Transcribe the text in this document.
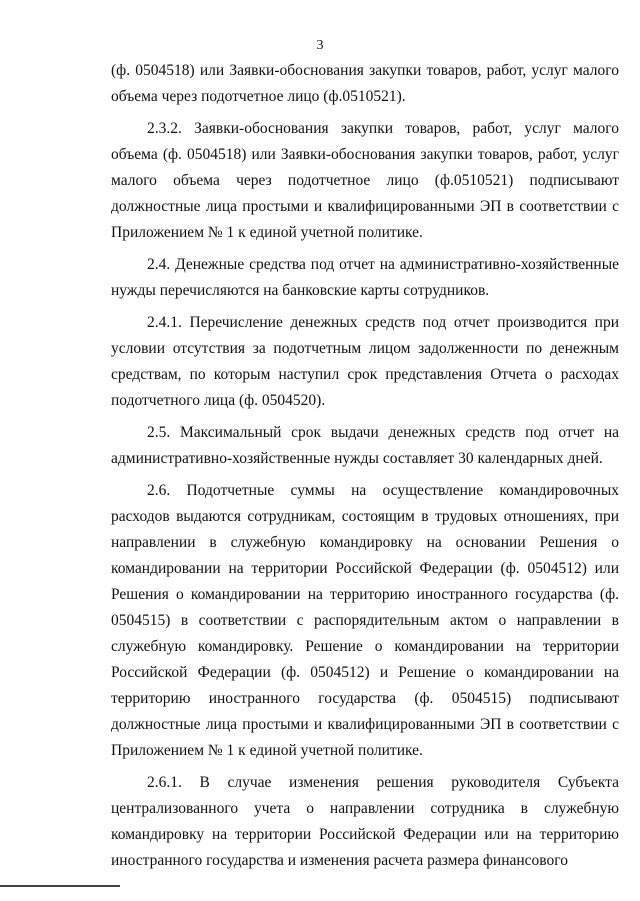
3

(ф. 0504518) или Заявки-обоснования закупки товаров, работ, услуг малого объема через подотчетное лицо (ф.0510521).

2.3.2. Заявки-обоснования закупки товаров, работ, услуг малого объема (ф. 0504518) или Заявки-обоснования закупки товаров, работ, услуг малого объема через подотчетное лицо (ф.0510521) подписывают должностные лица простыми и квалифицированными ЭП в соответствии с Приложением № 1 к единой учетной политике.

2.4. Денежные средства под отчет на административно-хозяйственные нужды перечисляются на банковские карты сотрудников.

2.4.1. Перечисление денежных средств под отчет производится при условии отсутствия за подотчетным лицом задолженности по денежным средствам, по которым наступил срок представления Отчета о расходах подотчетного лица (ф. 0504520).

2.5. Максимальный срок выдачи денежных средств под отчет на административно-хозяйственные нужды составляет 30 календарных дней.

2.6. Подотчетные суммы на осуществление командировочных расходов выдаются сотрудникам, состоящим в трудовых отношениях, при направлении в служебную командировку на основании Решения о командировании на территории Российской Федерации (ф. 0504512) или Решения о командировании на территорию иностранного государства (ф. 0504515) в соответствии с распорядительным актом о направлении в служебную командировку. Решение о командировании на территории Российской Федерации (ф. 0504512) и Решение о командировании на территорию иностранного государства (ф. 0504515) подписывают должностные лица простыми и квалифицированными ЭП в соответствии с Приложением № 1 к единой учетной политике.

2.6.1. В случае изменения решения руководителя Субъекта централизованного учета о направлении сотрудника в служебную командировку на территории Российской Федерации или на территорию иностранного государства и изменения расчета размера финансового
